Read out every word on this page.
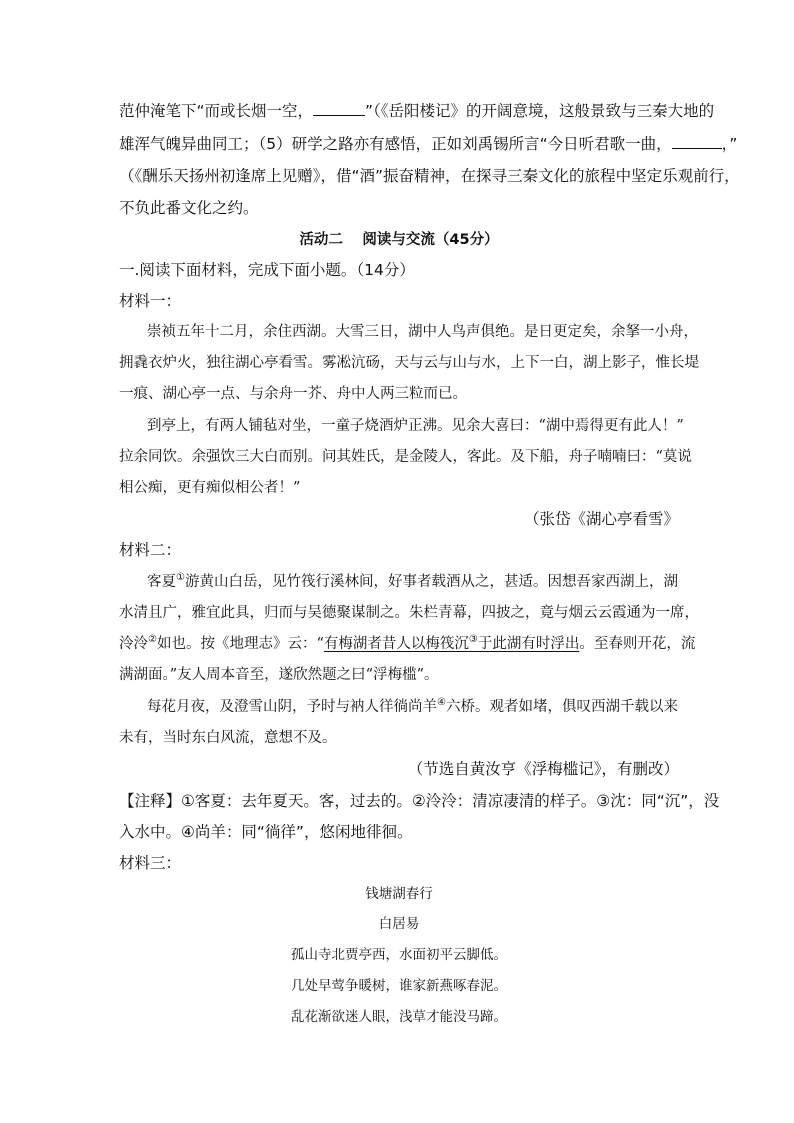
范仲淹笔下“而或长烟一空，	”（《岳阳楼记》的开阔意境，这般景致与三秦大地的
雄浑气魄异曲同工；（5）研学之路亦有感悟，正如刘禹锡所言“今日听君歌一曲，	，”
（《酬乐天扬州初逢席上见赠》，借“酒”振奋精神，在探寻三秦文化的旅程中坚定乐观前行，
不负此番文化之约。
活动二　 阅读与交流（45分）
一.阅读下面材料，完成下面小题。（14分）
材料一：
崇祯五年十二月，余住西湖。大雪三日，湖中人鸟声俱绝。是日更定矣，余拏一小舟，
拥毳衣炉火，独往湖心亭看雪。雾凇沆砀，天与云与山与水，上下一白，湖上影子，惟长堤
一痕、湖心亭一点、与余舟一芥、舟中人两三粒而已。
到亭上，有两人铺毡对坐，一童子烧酒炉正沸。见余大喜曰：“湖中焉得更有此人！”
拉余同饮。余强饮三大白而别。问其姓氏，是金陵人，客此。及下船，舟子喃喃曰：“莫说
相公痴，更有痴似相公者！”
（张岱《湖心亭看雪》
材料二：
客夏①游黄山白岳，见竹筏行溪林间，好事者载酒从之，甚适。因想吾家西湖上，湖
水清且广，雅宜此具，归而与吴德聚谋制之。朱栏青幕，四披之，竟与烟云云霞通为一席，
泠泠②如也。按《地理志》云：“有梅湖者昔人以梅筏沉③于此湖有时浮出。至春则开花，流
满湖面。”友人周本音至，遂欣然题之曰“浮梅槛”。
每花月夜，及澄雪山阴，予时与衲人徉徜尚羊④六桥。观者如堵，俱叹西湖千载以来
未有，当时东白风流，意想不及。
（节选自黄汝亨《浮梅槛记》，有删改）
【注释】①客夏：去年夏天。客，过去的。②泠泠：清凉凄清的样子。③沈：同“沉”，没
入水中。④尚羊：同“徜徉”，悠闲地徘徊。
材料三：
钱塘湖春行
白居易
孤山寺北贾亭西，水面初平云脚低。
几处早莺争暖树，谁家新燕啄春泥。
乱花渐欲迷人眼，浅草才能没马蹄。
